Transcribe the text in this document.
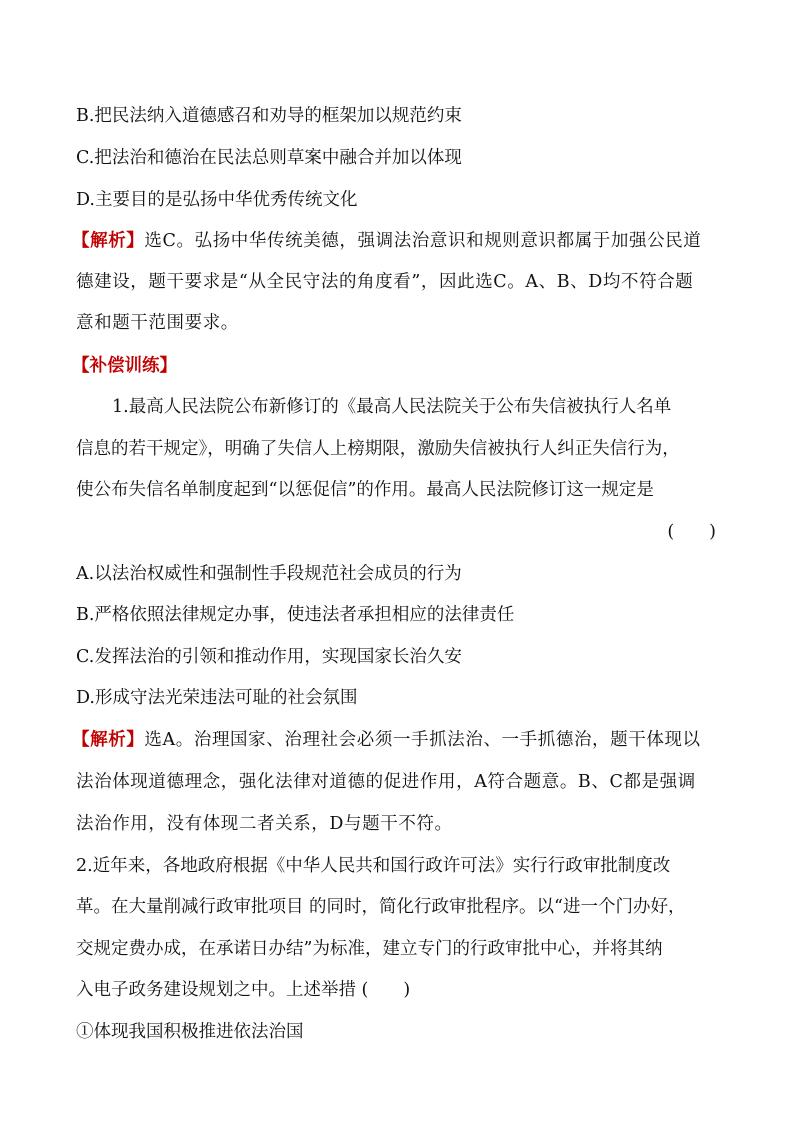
B.把民法纳入道德感召和劝导的框架加以规范约束
C.把法治和德治在民法总则草案中融合并加以体现
D.主要目的是弘扬中华优秀传统文化
【解析】选C。弘扬中华传统美德，强调法治意识和规则意识都属于加强公民道
德建设，题干要求是“从全民守法的角度看”，因此选C。A、B、D均不符合题
意和题干范围要求。
【补偿训练】
1.最高人民法院公布新修订的《最高人民法院关于公布失信被执行人名单
信息的若干规定》，明确了失信人上榜期限，激励失信被执行人纠正失信行为，
使公布失信名单制度起到“以惩促信”的作用。最高人民法院修订这一规定是
(　　)
A.以法治权威性和强制性手段规范社会成员的行为
B.严格依照法律规定办事，使违法者承担相应的法律责任
C.发挥法治的引领和推动作用，实现国家长治久安
D.形成守法光荣违法可耻的社会氛围
【解析】选A。治理国家、治理社会必须一手抓法治、一手抓德治，题干体现以
法治体现道德理念，强化法律对道德的促进作用，A符合题意。B、C都是强调
法治作用，没有体现二者关系，D与题干不符。
2.近年来，各地政府根据《中华人民共和国行政许可法》实行行政审批制度改
革。在大量削减行政审批项目 的同时，简化行政审批程序。以“进一个门办好，
交规定费办成，在承诺日办结”为标准，建立专门的行政审批中心，并将其纳
入电子政务建设规划之中。上述举措 (　　)
①体现我国积极推进依法治国
